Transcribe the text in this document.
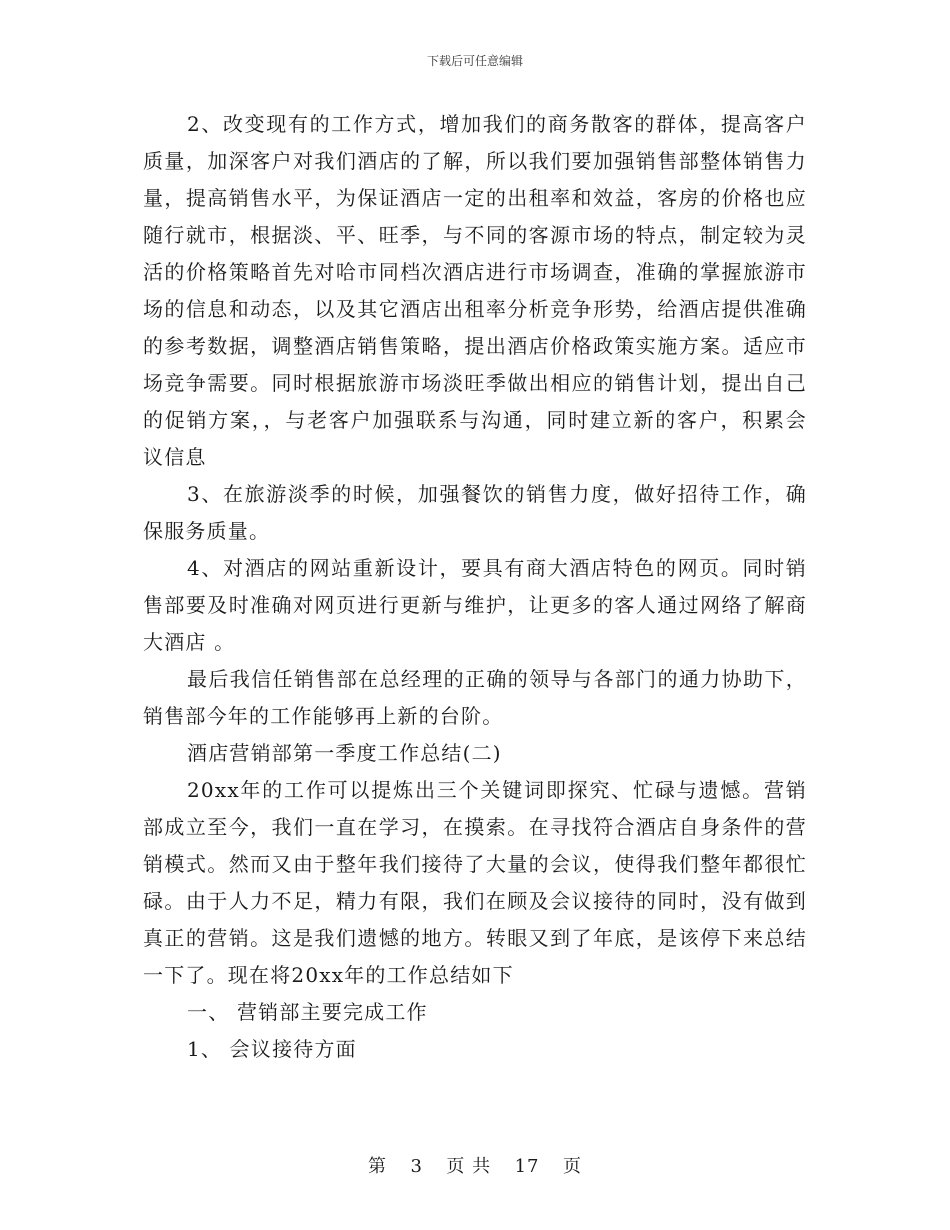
下载后可任意编辑

2、改变现有的工作方式，增加我们的商务散客的群体，提高客户质量，加深客户对我们酒店的了解，所以我们要加强销售部整体销售力量，提高销售水平，为保证酒店一定的出租率和效益，客房的价格也应随行就市，根据淡、平、旺季，与不同的客源市场的特点，制定较为灵活的价格策略首先对哈市同档次酒店进行市场调查，准确的掌握旅游市场的信息和动态，以及其它酒店出租率分析竞争形势，给酒店提供准确的参考数据，调整酒店销售策略，提出酒店价格政策实施方案。适应市场竞争需要。同时根据旅游市场淡旺季做出相应的销售计划，提出自己的促销方案，，与老客户加强联系与沟通，同时建立新的客户，积累会议信息

3、在旅游淡季的时候，加强餐饮的销售力度，做好招待工作，确保服务质量。

4、对酒店的网站重新设计，要具有商大酒店特色的网页。同时销售部要及时准确对网页进行更新与维护，让更多的客人通过网络了解商大酒店 。

最后我信任销售部在总经理的正确的领导与各部门的通力协助下，销售部今年的工作能够再上新的台阶。

酒店营销部第一季度工作总结(二)

20xx年的工作可以提炼出三个关键词即探究、忙碌与遗憾。营销部成立至今，我们一直在学习，在摸索。在寻找符合酒店自身条件的营销模式。然而又由于整年我们接待了大量的会议，使得我们整年都很忙碌。由于人力不足，精力有限，我们在顾及会议接待的同时，没有做到真正的营销。这是我们遗憾的地方。转眼又到了年底，是该停下来总结一下了。现在将20xx年的工作总结如下

一、 营销部主要完成工作

1、 会议接待方面

第 3 页 共 17 页
